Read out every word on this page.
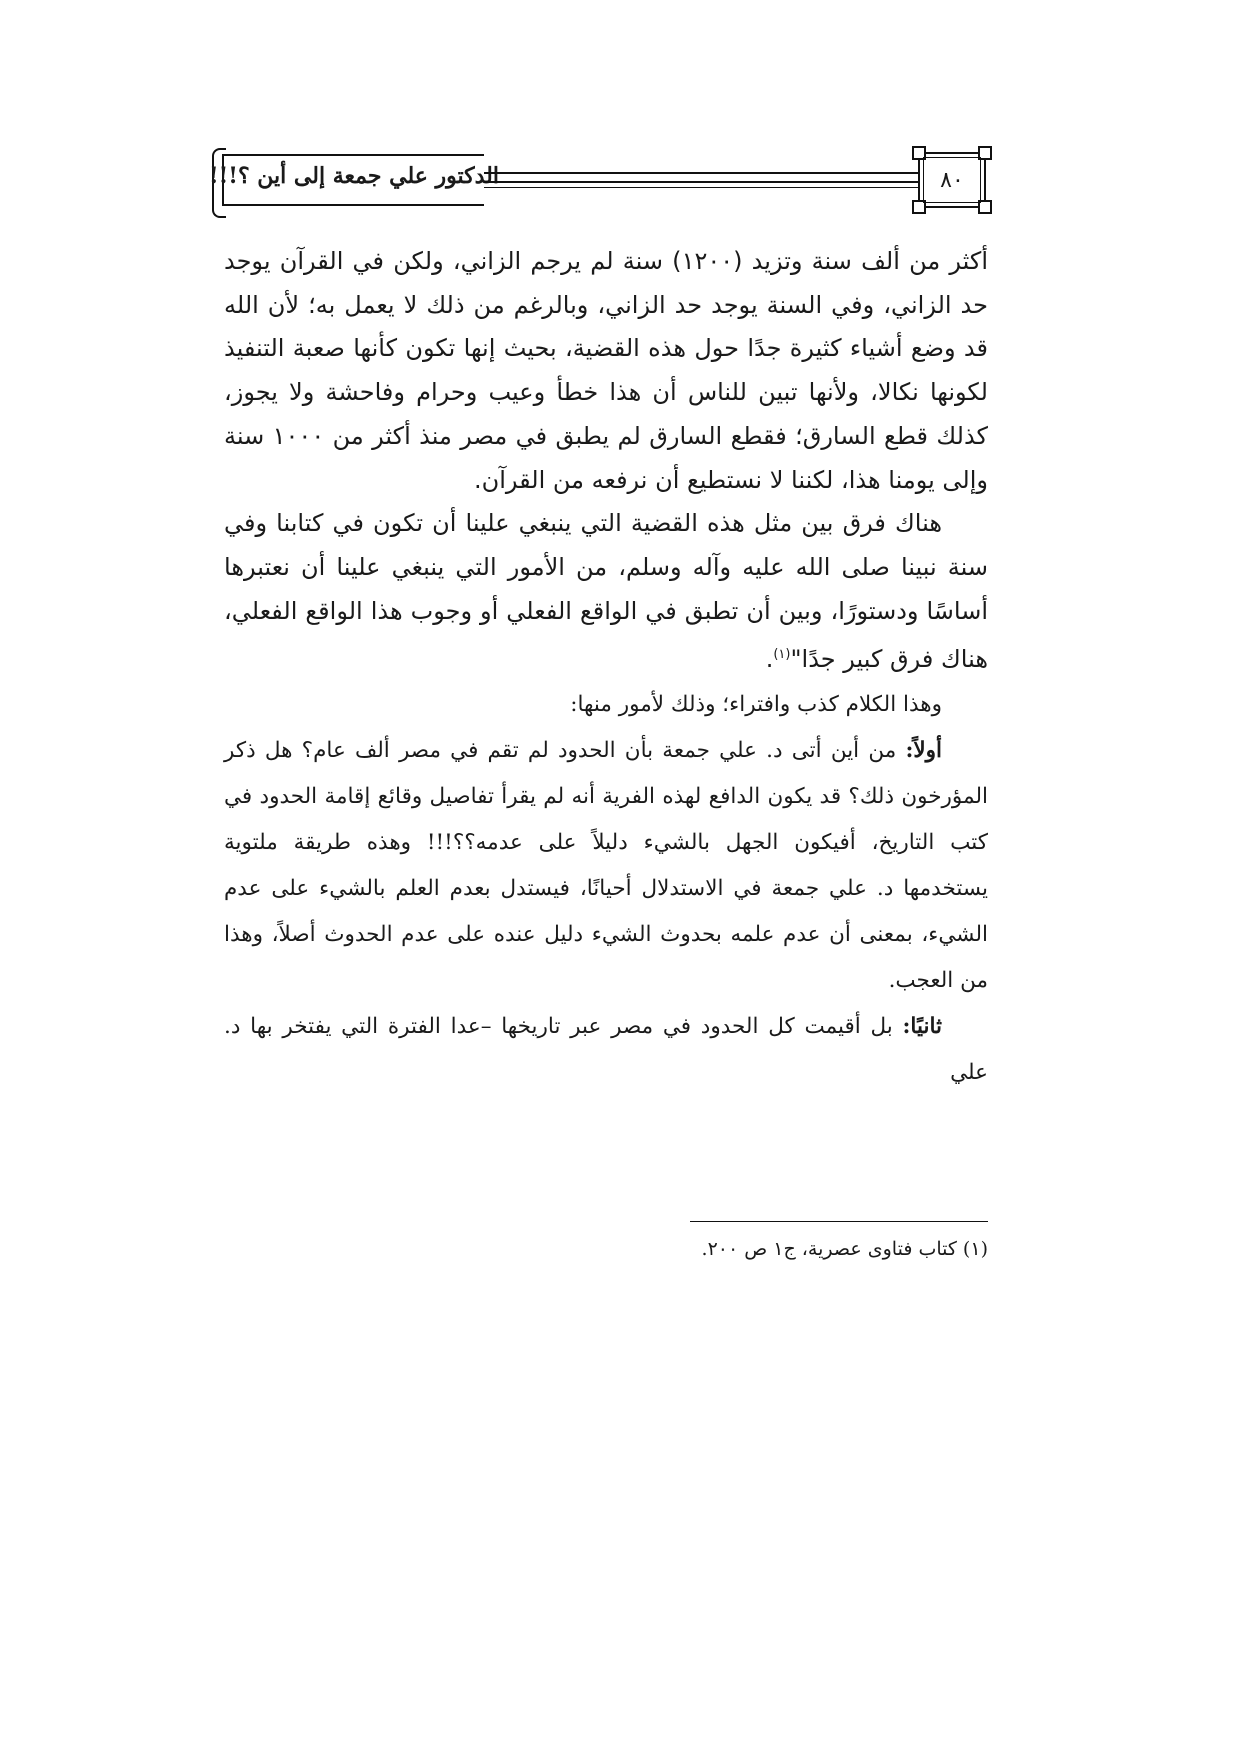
الدكتور علي جمعة إلى أين ؟!!!	٨٠

أكثر من ألف سنة وتزيد (١٢٠٠) سنة لم يرجم الزاني، ولكن في القرآن يوجد حد الزاني، وفي السنة يوجد حد الزاني، وبالرغم من ذلك لا يعمل به؛ لأن الله قد وضع أشياء كثيرة جدًا حول هذه القضية، بحيث إنها تكون كأنها صعبة التنفيذ لكونها نكالا، ولأنها تبين للناس أن هذا خطأ وعيب وحرام وفاحشة ولا يجوز، كذلك قطع السارق؛ فقطع السارق لم يطبق في مصر منذ أكثر من ١٠٠٠ سنة وإلى يومنا هذا، لكننا لا نستطيع أن نرفعه من القرآن.

هناك فرق بين مثل هذه القضية التي ينبغي علينا أن تكون في كتابنا وفي سنة نبينا صلى الله عليه وآله وسلم، من الأمور التي ينبغي علينا أن نعتبرها أساسًا ودستورًا، وبين أن تطبق في الواقع الفعلي أو وجوب هذا الواقع الفعلي، هناك فرق كبير جدًا"$^{(١)}$.

وهذا الكلام كذب وافتراء؛ وذلك لأمور منها:

أولاً: من أين أتى د. علي جمعة بأن الحدود لم تقم في مصر ألف عام؟ هل ذكر المؤرخون ذلك؟ قد يكون الدافع لهذه الفرية أنه لم يقرأ تفاصيل وقائع إقامة الحدود في كتب التاريخ، أفيكون الجهل بالشيء دليلاً على عدمه؟؟!!! وهذه طريقة ملتوية يستخدمها د. علي جمعة في الاستدلال أحيانًا، فيستدل بعدم العلم بالشيء على عدم الشيء، بمعنى أن عدم علمه بحدوث الشيء دليل عنده على عدم الحدوث أصلاً، وهذا من العجب.

ثانيًا: بل أقيمت كل الحدود في مصر عبر تاريخها –عدا الفترة التي يفتخر بها د. علي

(١) كتاب فتاوى عصرية، ج١ ص ٢٠٠.
